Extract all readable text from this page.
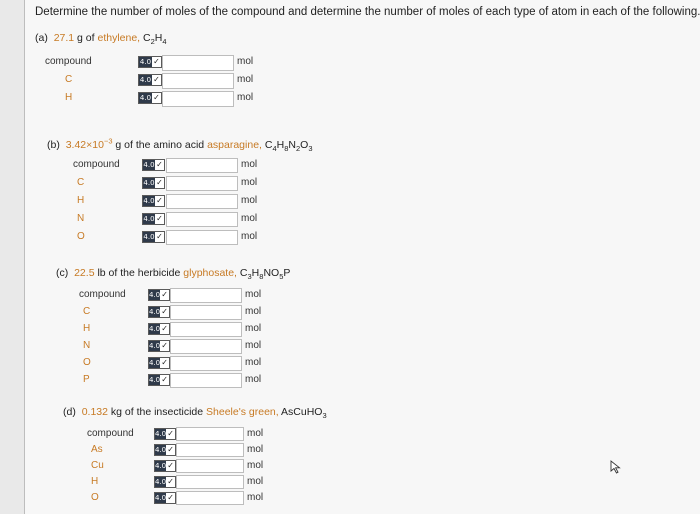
Determine the number of moles of the compound and determine the number of moles of each type of atom in each of the following.
(a) 27.1 g of ethylene, $C_2H_4$
compound	4.0 ✓	mol
C	4.0 ✓	mol
H	4.0 ✓	mol
(b) $3.42\times 10^{-3}$ g of the amino acid asparagine, $C_4H_8N_2O_3$
compound	4.0 ✓	mol
C	4.0 ✓	mol
H	4.0 ✓	mol
N	4.0 ✓	mol
O	4.0 ✓	mol
(c) 22.5 lb of the herbicide glyphosate, $C_3H_8NO_5P$
compound	4.0 ✓	mol
C	4.0 ✓	mol
H	4.0 ✓	mol
N	4.0 ✓	mol
O	4.0 ✓	mol
P	4.0 ✓	mol
(d) 0.132 kg of the insecticide Sheele's green, AsCuHO$_3$
compound	4.0 ✓	mol
As	4.0 ✓	mol
Cu	4.0 ✓	mol
H	4.0 ✓	mol
O	4.0 ✓	mol
